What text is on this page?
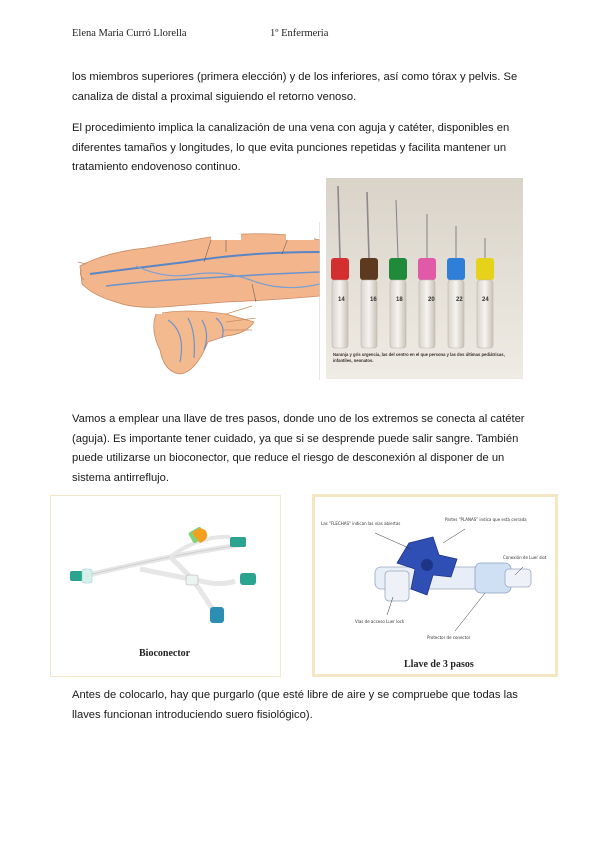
Elena Maria Curró Llorella	1º Enfermeria

los miembros superiores (primera elección) y de los inferiores, así como tórax y pelvis. Se canaliza de distal a proximal siguiendo el retorno venoso.

El procedimiento implica la canalización de una vena con aguja y catéter, disponibles en diferentes tamaños y longitudes, lo que evita punciones repetidas y facilita mantener un tratamiento endovenoso continuo.

14	16	18	20	22	24
Naranja y gris urgencia, las del centro en el que persona y las dos últimas pediátricas, infantiles, neonatos.

Vamos a emplear una llave de tres pasos, donde uno de los extremos se conecta al catéter (aguja). Es importante tener cuidado, ya que si se desprende puede salir sangre. También puede utilizarse un bioconector, que reduce el riesgo de desconexión al disponer de un sistema antirreflujo.

Bioconector
Las "FLECHAS" indican las vías abiertas
Partes "PLANAS" indica que está cerrada
Conexión de Luer slot
Vías de acceso Luer lock
Protector de conector
Llave de 3 pasos

Antes de colocarlo, hay que purgarlo (que esté libre de aire y se compruebe que todas las llaves funcionan introduciendo suero fisiológico).
